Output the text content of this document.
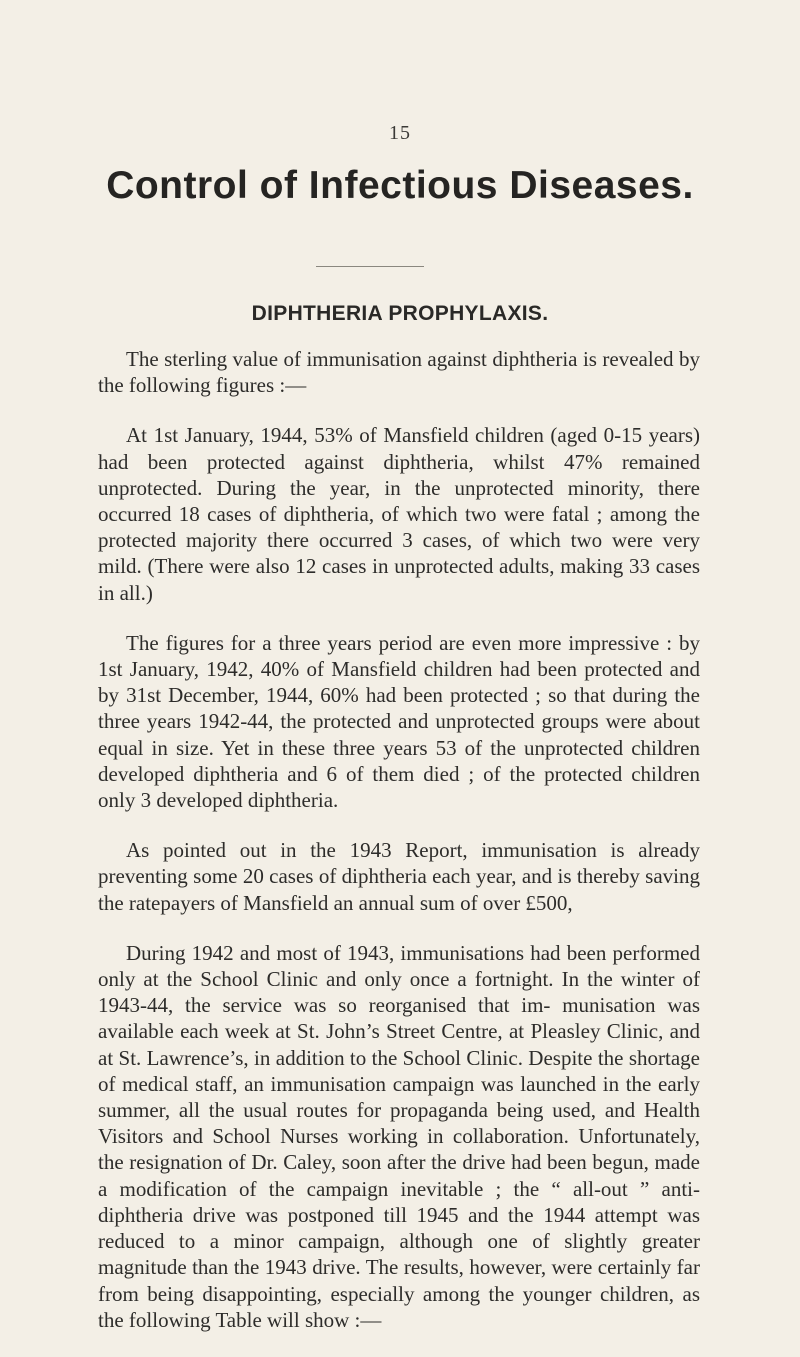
15
Control of Infectious Diseases.
DIPHTHERIA PROPHYLAXIS.

The sterling value of immunisation against diphtheria is revealed by the following figures :—

At 1st January, 1944, 53% of Mansfield children (aged 0-15 years) had been protected against diphtheria, whilst 47% remained unprotected. During the year, in the unprotected minority, there occurred 18 cases of diphtheria, of which two were fatal ; among the protected majority there occurred 3 cases, of which two were very mild. (There were also 12 cases in unprotected adults, making 33 cases in all.)

The figures for a three years period are even more impressive : by 1st January, 1942, 40% of Mansfield children had been protected and by 31st December, 1944, 60% had been protected ; so that during the three years 1942-44, the protected and unprotected groups were about equal in size. Yet in these three years 53 of the unprotected children developed diphtheria and 6 of them died ; of the protected children only 3 developed diphtheria.

As pointed out in the 1943 Report, immunisation is already preventing some 20 cases of diphtheria each year, and is thereby saving the ratepayers of Mansfield an annual sum of over £500,

During 1942 and most of 1943, immunisations had been performed only at the School Clinic and only once a fortnight. In the winter of 1943-44, the service was so reorganised that im- munisation was available each week at St. John’s Street Centre, at Pleasley Clinic, and at St. Lawrence’s, in addition to the School Clinic. Despite the shortage of medical staff, an immunisation campaign was launched in the early summer, all the usual routes for propaganda being used, and Health Visitors and School Nurses working in collaboration. Unfortunately, the resignation of Dr. Caley, soon after the drive had been begun, made a modification of the campaign inevitable ; the “ all-out ” anti-diphtheria drive was postponed till 1945 and the 1944 attempt was reduced to a minor campaign, although one of slightly greater magnitude than the 1943 drive. The results, however, were certainly far from being disappointing, especially among the younger children, as the following Table will show :—
